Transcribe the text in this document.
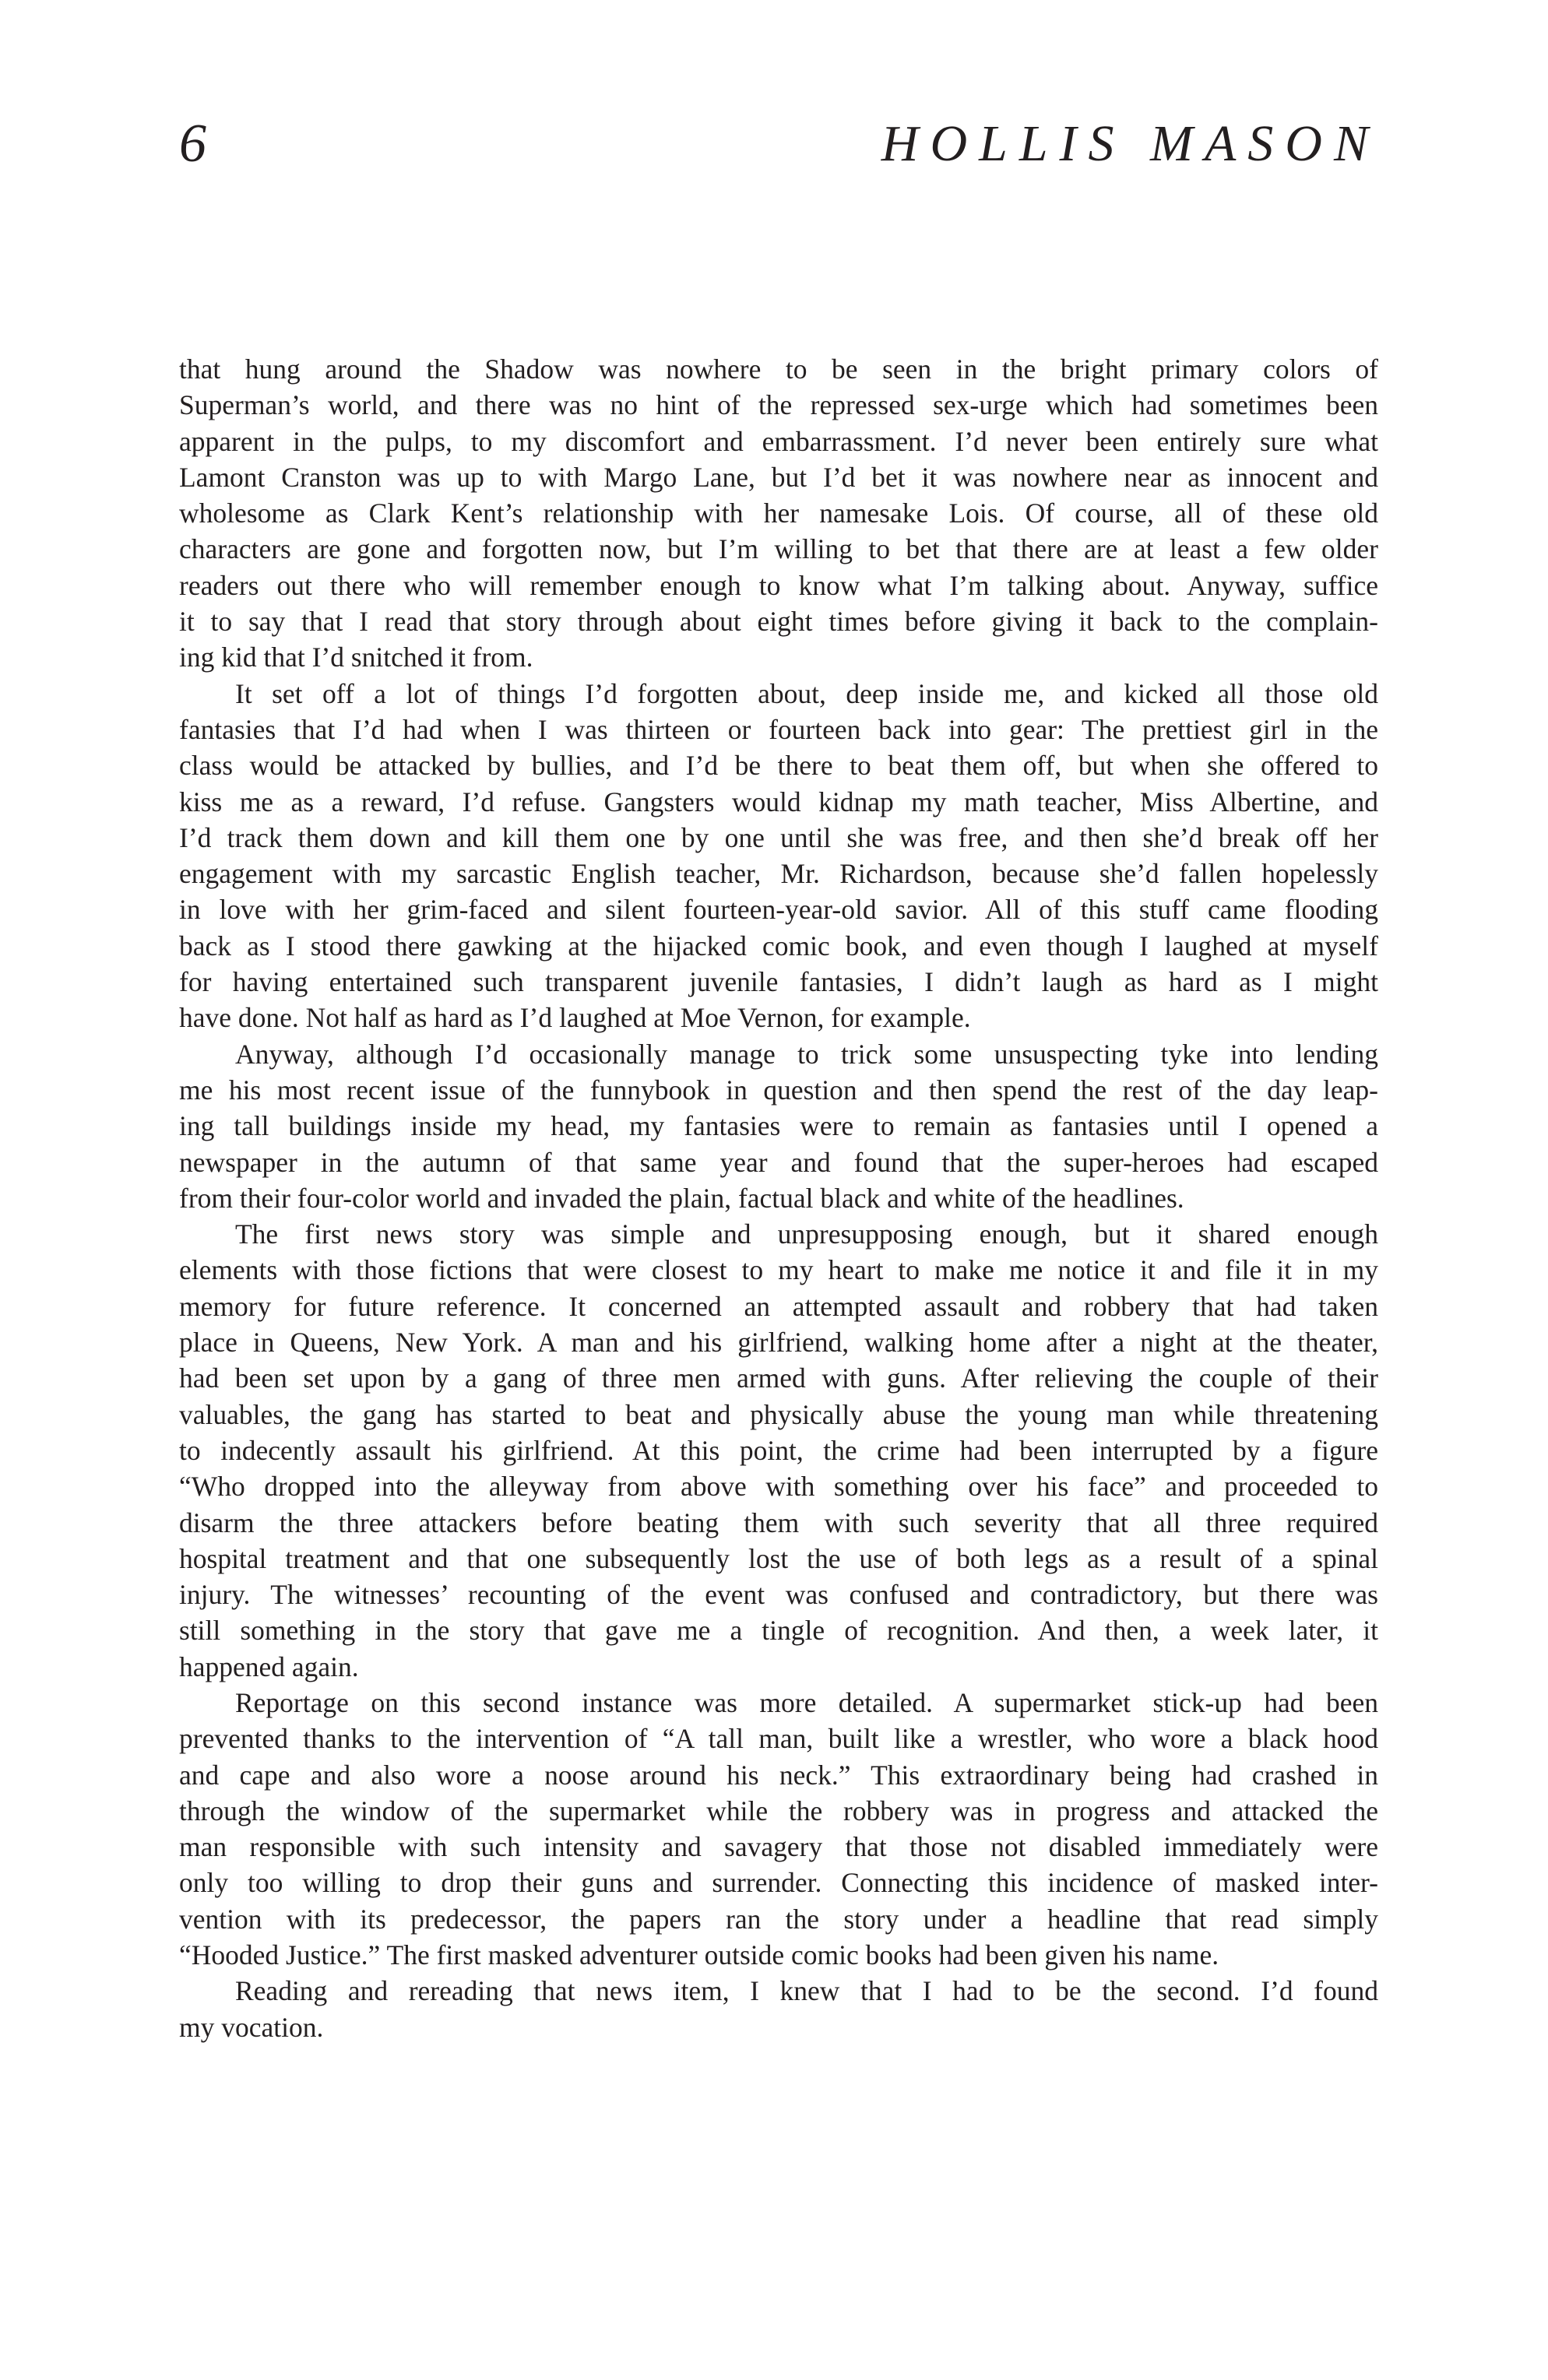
6	HOLLIS MASON

that hung around the Shadow was nowhere to be seen in the bright primary colors of
Superman’s world, and there was no hint of the repressed sex-urge which had sometimes been
apparent in the pulps, to my discomfort and embarrassment. I’d never been entirely sure what
Lamont Cranston was up to with Margo Lane, but I’d bet it was nowhere near as innocent and
wholesome as Clark Kent’s relationship with her namesake Lois. Of course, all of these old
characters are gone and forgotten now, but I’m willing to bet that there are at least a few older
readers out there who will remember enough to know what I’m talking about. Anyway, suffice
it to say that I read that story through about eight times before giving it back to the complain-
ing kid that I’d snitched it from.

It set off a lot of things I’d forgotten about, deep inside me, and kicked all those old
fantasies that I’d had when I was thirteen or fourteen back into gear: The prettiest girl in the
class would be attacked by bullies, and I’d be there to beat them off, but when she offered to
kiss me as a reward, I’d refuse. Gangsters would kidnap my math teacher, Miss Albertine, and
I’d track them down and kill them one by one until she was free, and then she’d break off her
engagement with my sarcastic English teacher, Mr. Richardson, because she’d fallen hopelessly
in love with her grim-faced and silent fourteen-year-old savior. All of this stuff came flooding
back as I stood there gawking at the hijacked comic book, and even though I laughed at myself
for having entertained such transparent juvenile fantasies, I didn’t laugh as hard as I might
have done. Not half as hard as I’d laughed at Moe Vernon, for example.

Anyway, although I’d occasionally manage to trick some unsuspecting tyke into lending
me his most recent issue of the funnybook in question and then spend the rest of the day leap-
ing tall buildings inside my head, my fantasies were to remain as fantasies until I opened a
newspaper in the autumn of that same year and found that the super-heroes had escaped
from their four-color world and invaded the plain, factual black and white of the headlines.

The first news story was simple and unpresupposing enough, but it shared enough
elements with those fictions that were closest to my heart to make me notice it and file it in my
memory for future reference. It concerned an attempted assault and robbery that had taken
place in Queens, New York. A man and his girlfriend, walking home after a night at the theater,
had been set upon by a gang of three men armed with guns. After relieving the couple of their
valuables, the gang has started to beat and physically abuse the young man while threatening
to indecently assault his girlfriend. At this point, the crime had been interrupted by a figure
“Who dropped into the alleyway from above with something over his face” and proceeded to
disarm the three attackers before beating them with such severity that all three required
hospital treatment and that one subsequently lost the use of both legs as a result of a spinal
injury. The witnesses’ recounting of the event was confused and contradictory, but there was
still something in the story that gave me a tingle of recognition. And then, a week later, it
happened again.

Reportage on this second instance was more detailed. A supermarket stick-up had been
prevented thanks to the intervention of “A tall man, built like a wrestler, who wore a black hood
and cape and also wore a noose around his neck.” This extraordinary being had crashed in
through the window of the supermarket while the robbery was in progress and attacked the
man responsible with such intensity and savagery that those not disabled immediately were
only too willing to drop their guns and surrender. Connecting this incidence of masked inter-
vention with its predecessor, the papers ran the story under a headline that read simply
“Hooded Justice.” The first masked adventurer outside comic books had been given his name.

Reading and rereading that news item, I knew that I had to be the second. I’d found
my vocation.
